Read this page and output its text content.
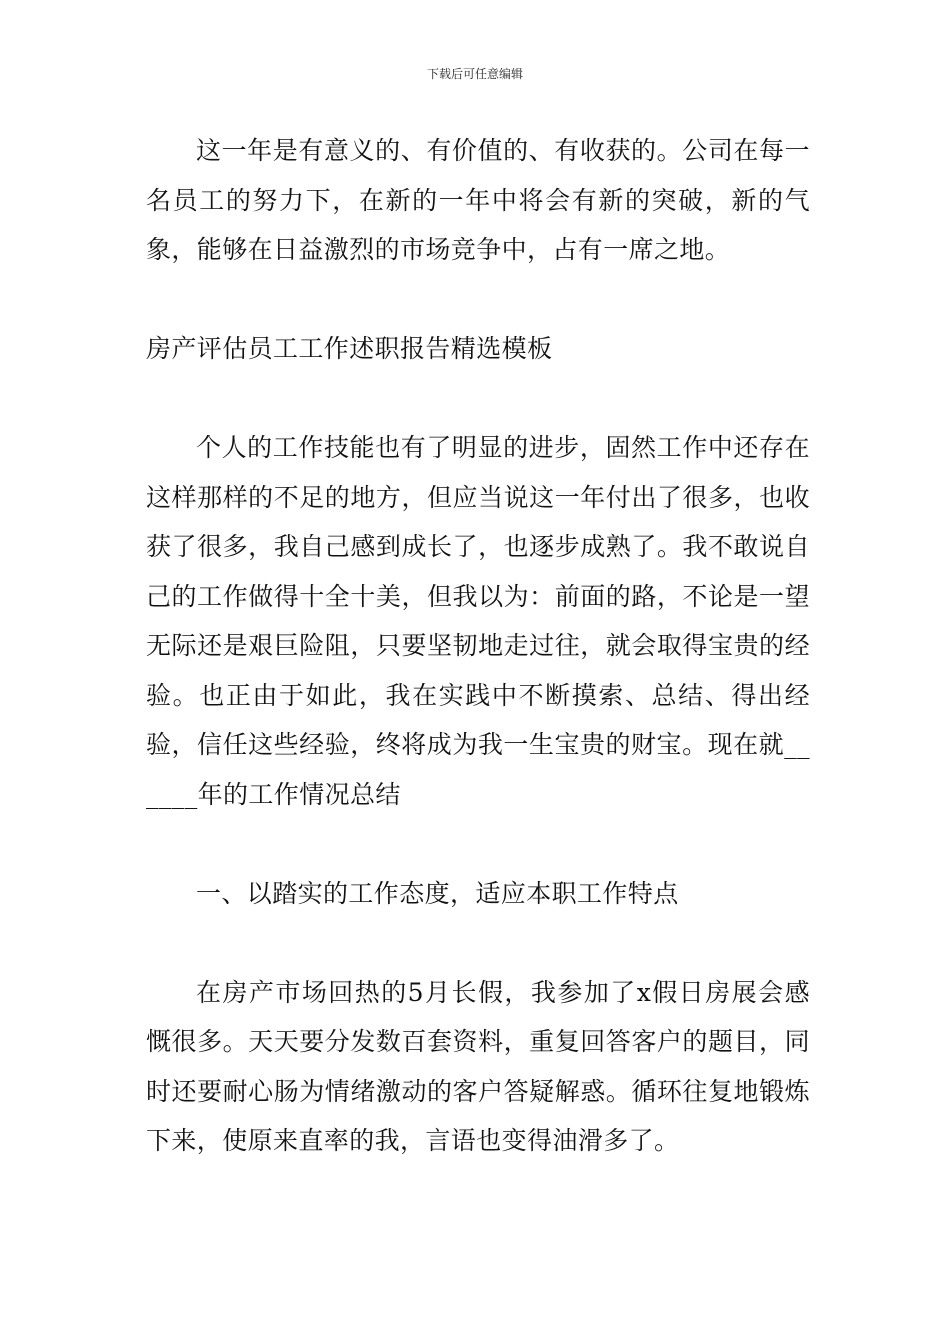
下载后可任意编辑

这一年是有意义的、有价值的、有收获的。公司在每一名员工的努力下，在新的一年中将会有新的突破，新的气象，能够在日益激烈的市场竞争中，占有一席之地。

房产评估员工工作述职报告精选模板

个人的工作技能也有了明显的进步，固然工作中还存在这样那样的不足的地方，但应当说这一年付出了很多，也收获了很多，我自己感到成长了，也逐步成熟了。我不敢说自己的工作做得十全十美，但我以为：前面的路，不论是一望无际还是艰巨险阻，只要坚韧地走过往，就会取得宝贵的经验。也正由于如此，我在实践中不断摸索、总结、得出经验，信任这些经验，终将成为我一生宝贵的财宝。现在就______年的工作情况总结

一、以踏实的工作态度，适应本职工作特点

在房产市场回热的5月长假，我参加了x假日房展会感慨很多。天天要分发数百套资料，重复回答客户的题目，同时还要耐心肠为情绪激动的客户答疑解惑。循环往复地锻炼下来，使原来直率的我，言语也变得油滑多了。
